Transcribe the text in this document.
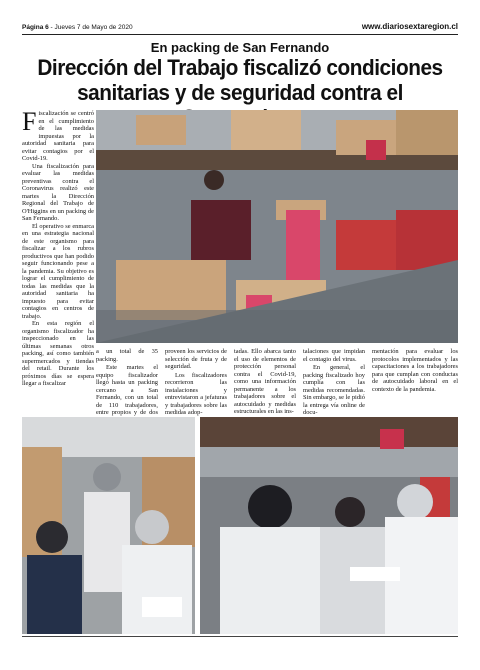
Página 6 - Jueves 7 de Mayo de 2020	www.diariosextaregion.cl
En packing de San Fernando
Dirección del Trabajo fiscalizó condiciones
sanitarias y de seguridad contra el

Fiscalización se centró en el cumplimiento de las medidas impuestas por la autoridad sanitaria para evitar contagios por el Covid-19.

Una fiscalización para evaluar las medidas preventivas contra el Coronavirus realizó este martes la Dirección Regional del Trabajo de O'Higgins en un packing de San Fernando.

El operativo se enmarca en una estrategia nacional de este organismo para fiscalizar a los rubros productivos que han podido seguir funcionando pese a la pandemia. Su objetivo es lograr el cumplimiento de todas las medidas que la autoridad sanitaria ha impuesto para evitar contagios en centros de trabajo.

En esta región el organismo fiscalizador ha inspeccionado en las últimas semanas otros packing, así como también supermercados y tiendas del retail. Durante los próximos días se espera llegar a fiscalizar

a un total de 35 packing.

Este martes el equipo fiscalizador llegó hasta un packing cercano a San Fernando, con un total de 110 trabajadores, entre propios y de dos

proveen los servicios de selección de fruta y de seguridad.

Los fiscalizadores recorrieron las instalaciones y entrevistaron a jefaturas y trabajadores sobre las medidas adop-

tadas. Ello abarca tanto el uso de elementos de protección personal contra el Covid-19, como una información permanente a los trabajadores sobre el autocuidado y medidas estructurales en las ins-

talaciones que impidan el contagio del virus.

En general, el packing fiscalizado hoy cumplía con las medidas recomendadas. Sin embargo, se le pidió la entrega vía online de docu-

mentación para evaluar los protocolos implementados y las capacitaciones a los trabajadores para que cumplan con conductas de autocuidado laboral en el contexto de la pandemia.
